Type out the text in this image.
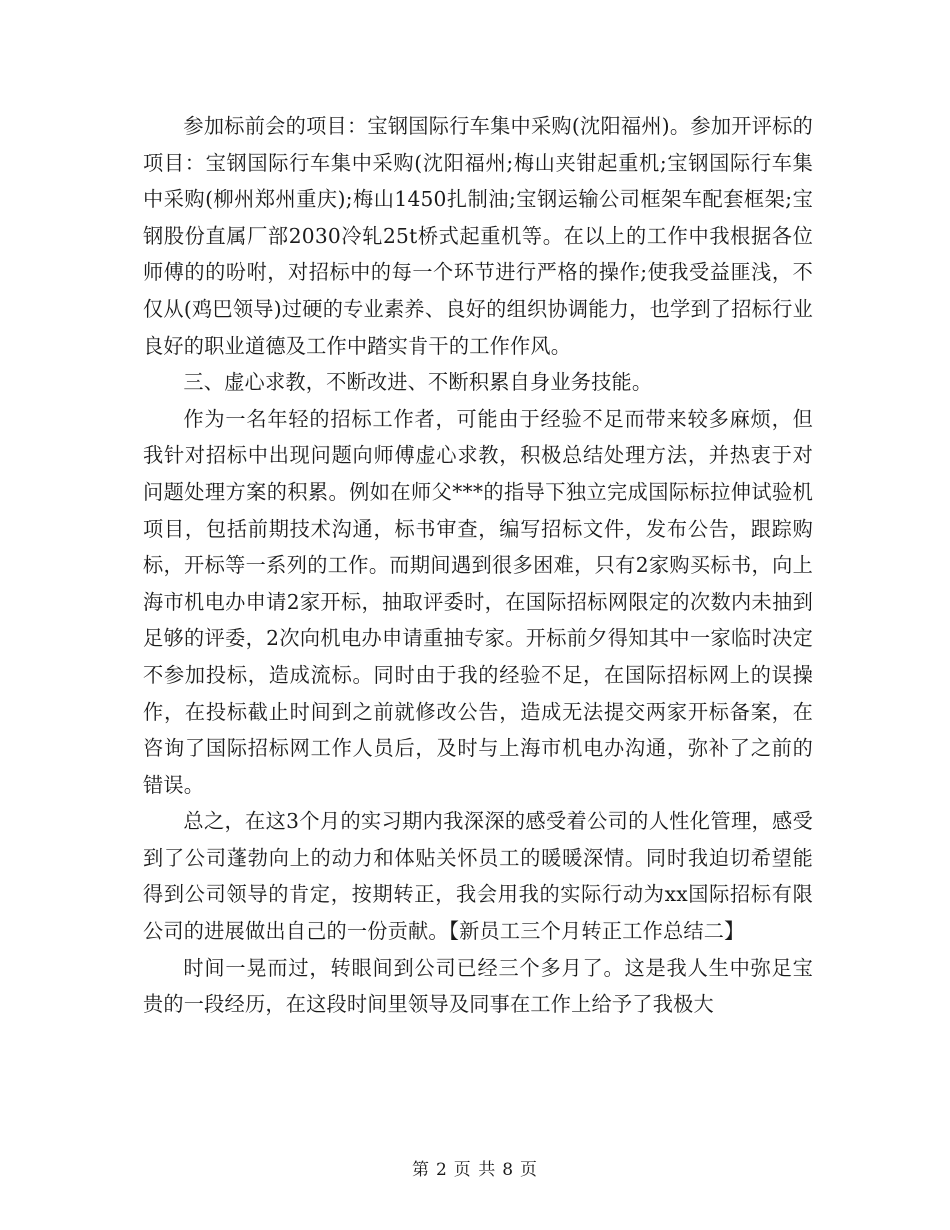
参加标前会的项目：宝钢国际行车集中采购(沈阳福州)。参加开评标的项目：宝钢国际行车集中采购(沈阳福州;梅山夹钳起重机;宝钢国际行车集中采购(柳州郑州重庆);梅山1450扎制油;宝钢运输公司框架车配套框架;宝钢股份直属厂部2030冷轧25t桥式起重机等。在以上的工作中我根据各位师傅的的吩咐，对招标中的每一个环节进行严格的操作;使我受益匪浅，不仅从(鸡巴领导)过硬的专业素养、良好的组织协调能力，也学到了招标行业良好的职业道德及工作中踏实肯干的工作作风。

三、虚心求教，不断改进、不断积累自身业务技能。

作为一名年轻的招标工作者，可能由于经验不足而带来较多麻烦，但我针对招标中出现问题向师傅虚心求教，积极总结处理方法，并热衷于对问题处理方案的积累。例如在师父***的指导下独立完成国际标拉伸试验机项目，包括前期技术沟通，标书审查，编写招标文件，发布公告，跟踪购标，开标等一系列的工作。而期间遇到很多困难，只有2家购买标书，向上海市机电办申请2家开标，抽取评委时，在国际招标网限定的次数内未抽到足够的评委，2次向机电办申请重抽专家。开标前夕得知其中一家临时决定不参加投标，造成流标。同时由于我的经验不足，在国际招标网上的误操作，在投标截止时间到之前就修改公告，造成无法提交两家开标备案，在咨询了国际招标网工作人员后，及时与上海市机电办沟通，弥补了之前的错误。

总之，在这3个月的实习期内我深深的感受着公司的人性化管理，感受到了公司蓬勃向上的动力和体贴关怀员工的暖暖深情。同时我迫切希望能得到公司领导的肯定，按期转正，我会用我的实际行动为xx国际招标有限公司的进展做出自己的一份贡献。【新员工三个月转正工作总结二】

时间一晃而过，转眼间到公司已经三个多月了。这是我人生中弥足宝贵的一段经历，在这段时间里领导及同事在工作上给予了我极大

第 2 页 共 8 页
